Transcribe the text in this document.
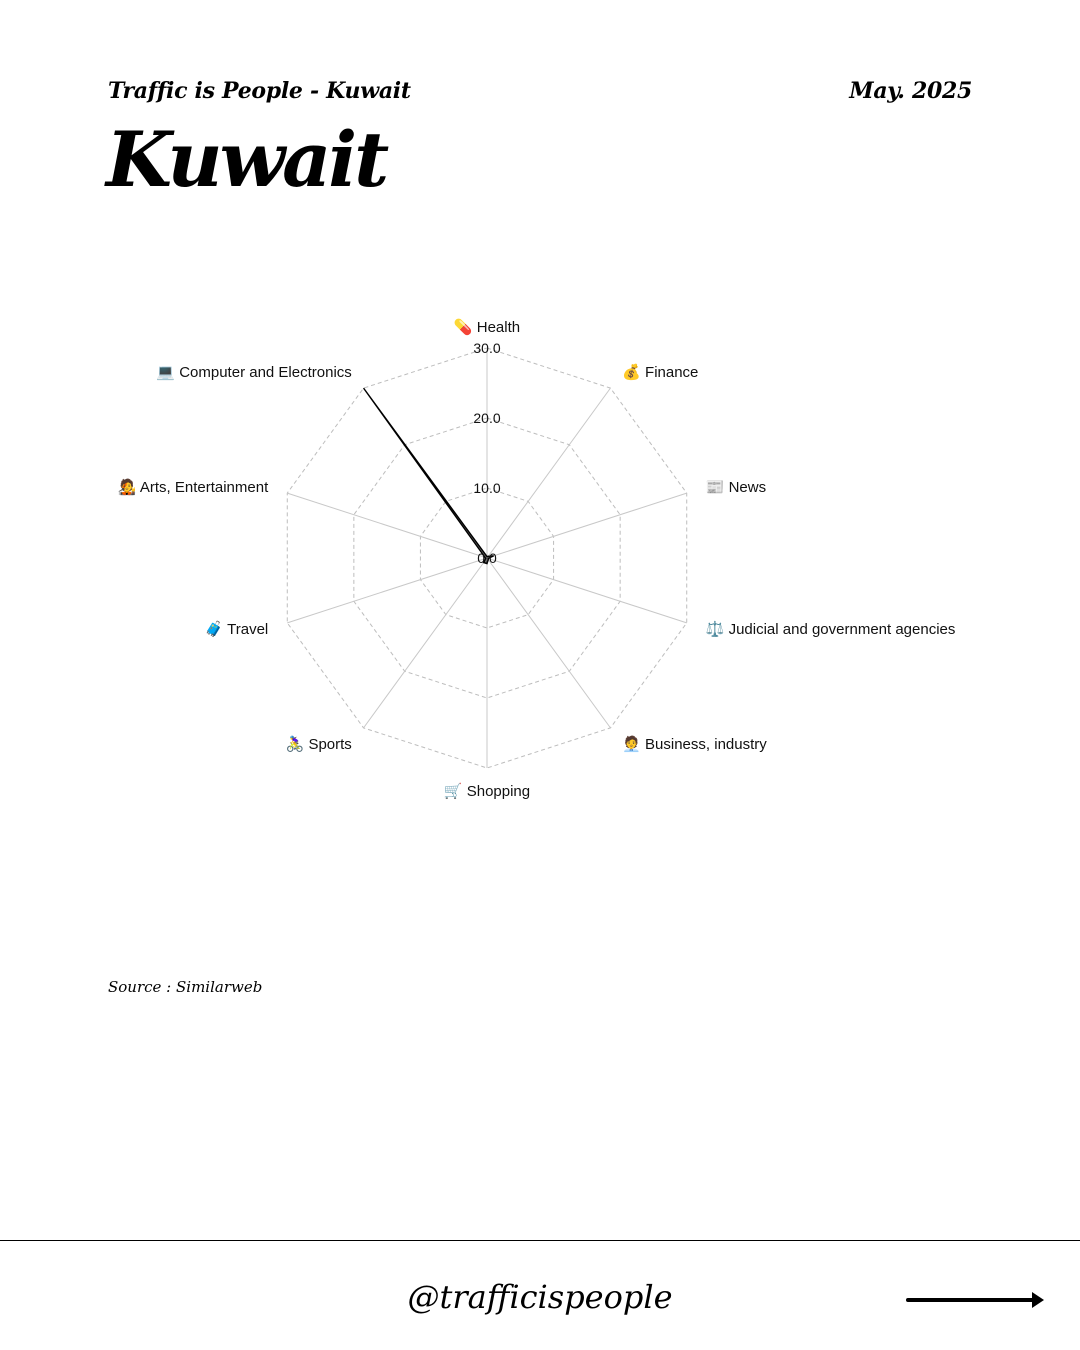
Traffic is People - Kuwait	May. 2025
Kuwait
0.0
10.0
20.0
30.0
💊 Health
💰 Finance
📰 News
⚖️ Judicial and government agencies
🧑‍💼 Business, industry
🛒 Shopping
🚴‍♀️ Sports
🧳 Travel
🧑‍🎤 Arts, Entertainment
💻 Computer and Electronics
Source : Similarweb
@trafficispeople
